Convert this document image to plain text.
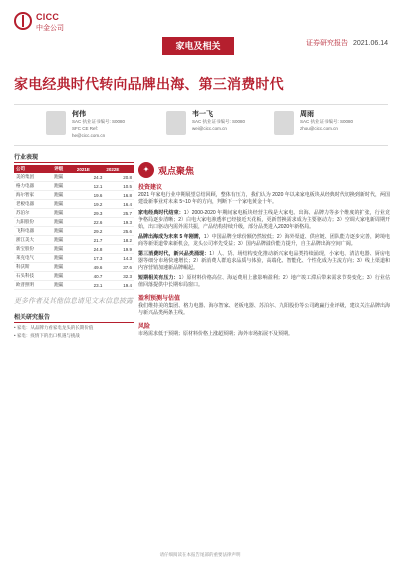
CICC
中金公司
家电及相关	证券研究报告 2021.06.14
家电经典时代转向品牌出海、第三消费时代
何伟
SAC 执业证书编号: S0080
SFC CE Ref:
he@cicc.com.cn
韦一飞
SAC 执业证书编号: S0080
wei@cicc.com.cn
周雨
SAC 执业证书编号: S0080
zhou@cicc.com.cn
行业表现
公司	评级	2021E	2022E
美的集团	跑赢	24.3	20.8
格力电器	跑赢	12.1	10.5
海尔智家	跑赢	19.6	16.8
老板电器	跑赢	19.2	16.4
苏泊尔	跑赢	29.3	25.7
九阳股份	跑赢	22.6	19.3
飞科电器	跑赢	29.2	25.6
浙江美大	跑赢	21.7	18.2
新宝股份	跑赢	24.8	19.9
莱克电气	跑赢	17.3	14.3
科沃斯	跑赢	49.6	37.6
石头科技	跑赢	40.7	32.3
欧普照明	跑赢	23.1	19.4
更多作者及其他信息请见文末信息披露
相关研究报告
• 家电：从品牌力看家电龙头的长期价值
• 家电：疫情下的出口机遇与挑战
✦ 观点聚焦
投资建议
2021 年家电行业中期展望总结回顾，整体有压力，我们认为 2020 年以来家电板块从经典时代切换到新时代，两国建设新事业对未来 5~10 年的方向，判断下一个家电黄金十年。
家电经典时代结束：1）2000-2020 年期间家电板块经营主线是大家电、出海、品牌力等多个维度的扩张，行业竞争格局逐步清晰；2）白电大家电渗透率已经接近天花板，更新替换需求成为主要驱动力；3）空调大家电新周期开始，出口驱动内需外需共振，产品结构持续升级，部分品类进入2020年新格局。
品牌出海成为未来 5 年刚需，1）中国品牌全球份额仍然较低；2）海外渠道、供应链、团队能力逐步完善，跨境电商等新渠道带来新机会，龙头公司率先受益；3）国内品牌溢价能力提升，自主品牌出海空间广阔。
第三消费时代，新兴品类涌现：1）人、货、场结构变化推动新兴家电品类持续涌现，小家电、清洁电器、厨房电器等细分市场快速增长；2）新消费人群追求品质与体验，高端化、智能化、个性化成为主流方向；3）线上渠道和内容营销加速新品牌崛起。
短期相关有压力：1）原材料价格高位、海运费用上涨影响盈利；2）地产竣工滞后带来需求节奏变化；3）行业估值回落提供中长期布局窗口。
盈利预测与估值
我们维持美的集团、格力电器、海尔智家、老板电器、苏泊尔、九阳股份等公司跑赢行业评级，建议关注品牌出海与新兴品类两条主线。
风险
市场需求低于预期；原材料价格上涨超预期；海外市场拓展不及预期。
请仔细阅读在本报告尾部的重要法律声明
